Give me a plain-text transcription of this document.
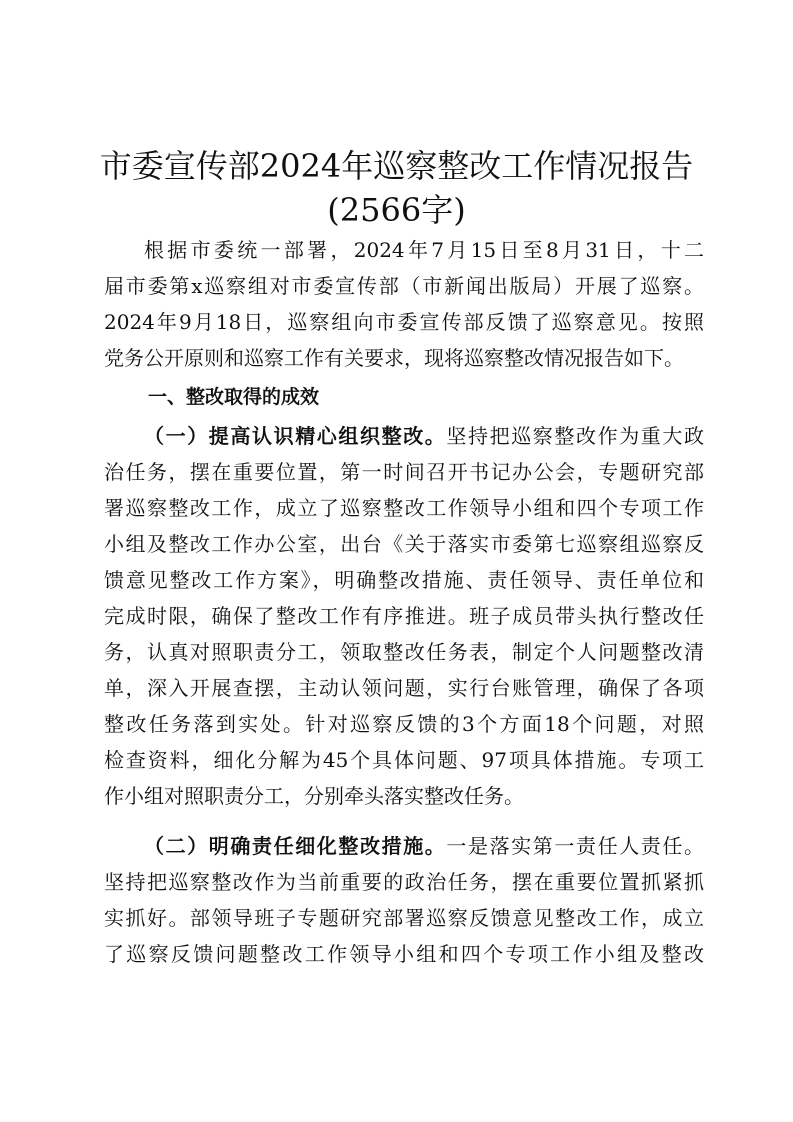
市委宣传部2024年巡察整改工作情况报告
(2566字)
根据市委统一部署，2024年7月15日至8月31日，十二
届市委第x巡察组对市委宣传部（市新闻出版局）开展了巡察。
2024年9月18日，巡察组向市委宣传部反馈了巡察意见。按照
党务公开原则和巡察工作有关要求，现将巡察整改情况报告如下。
一、整改取得的成效
（一）提高认识精心组织整改。坚持把巡察整改作为重大政
治任务，摆在重要位置，第一时间召开书记办公会，专题研究部
署巡察整改工作，成立了巡察整改工作领导小组和四个专项工作
小组及整改工作办公室，出台《关于落实市委第七巡察组巡察反
馈意见整改工作方案》，明确整改措施、责任领导、责任单位和
完成时限，确保了整改工作有序推进。班子成员带头执行整改任
务，认真对照职责分工，领取整改任务表，制定个人问题整改清
单，深入开展查摆，主动认领问题，实行台账管理，确保了各项
整改任务落到实处。针对巡察反馈的3个方面18个问题，对照
检查资料，细化分解为45个具体问题、97项具体措施。专项工
作小组对照职责分工，分别牵头落实整改任务。
（二）明确责任细化整改措施。一是落实第一责任人责任。
坚持把巡察整改作为当前重要的政治任务，摆在重要位置抓紧抓
实抓好。部领导班子专题研究部署巡察反馈意见整改工作，成立
了巡察反馈问题整改工作领导小组和四个专项工作小组及整改
